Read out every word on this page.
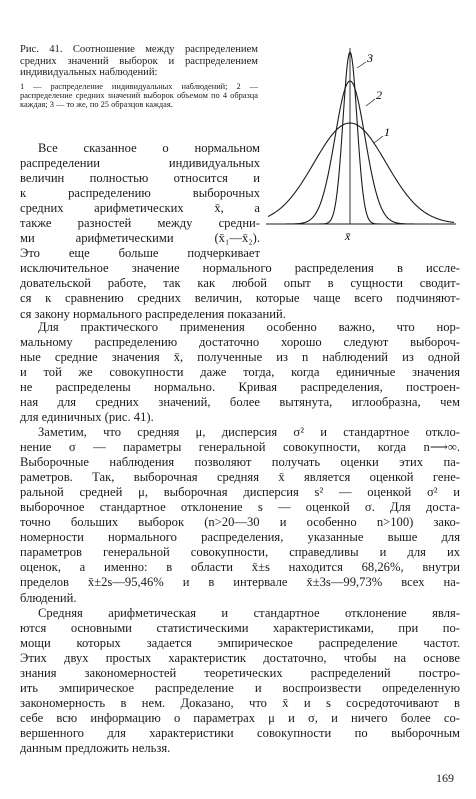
Рис. 41. Соотношение между распределением средних значений выборок и распределением индивидуальных наблюдений:
1 — распределение индивидуальных наблюдений; 2 — распределение средних значений выборок объемом по 4 образца каждая; 3 — то же, по 25 образцов каждая.
1
2
3
x̄
Все сказанное о нормальном
распределении индивидуальных
величин полностью относится и
к распределению выборочных
средних арифметических x̄, а
также разностей между средни-
ми арифметическими (x̄₁—x̄₂).
Это еще больше подчеркивает
исключительное значение нормального распределения в иссле-
довательской работе, так как любой опыт в сущности сводит-
ся к сравнению средних величин, которые чаще всего подчиняют-
ся закону нормального распределения показаний.
Для практического применения особенно важно, что нор-
мальному распределению достаточно хорошо следуют выбороч-
ные средние значения x̄, полученные из n наблюдений из одной
и той же совокупности даже тогда, когда единичные значения
не распределены нормально. Кривая распределения, построен-
ная для средних значений, более вытянута, иглообразна, чем
для единичных (рис. 41).
Заметим, что средняя μ, дисперсия σ² и стандартное откло-
нение σ — параметры генеральной совокупности, когда n⟶∞.
Выборочные наблюдения позволяют получать оценки этих па-
раметров. Так, выборочная средняя x̄ является оценкой гене-
ральной средней μ, выборочная дисперсия s² — оценкой σ² и
выборочное стандартное отклонение s — оценкой σ. Для доста-
точно больших выборок (n>20—30 и особенно n>100) зако-
номерности нормального распределения, указанные выше для
параметров генеральной совокупности, справедливы и для их
оценок, а именно: в области x̄±s находится 68,26%, внутри
пределов x̄±2s—95,46% и в интервале x̄±3s—99,73% всех на-
блюдений.
Средняя арифметическая и стандартное отклонение явля-
ются основными статистическими характеристиками, при по-
мощи которых задается эмпирическое распределение частот.
Этих двух простых характеристик достаточно, чтобы на основе
знания закономерностей теоретических распределений постро-
ить эмпирическое распределение и воспроизвести определенную
закономерность в нем. Доказано, что x̄ и s сосредоточивают в
себе всю информацию о параметрах μ и σ, и ничего более со-
вершенного для характеристики совокупности по выборочным
данным предложить нельзя.
169
